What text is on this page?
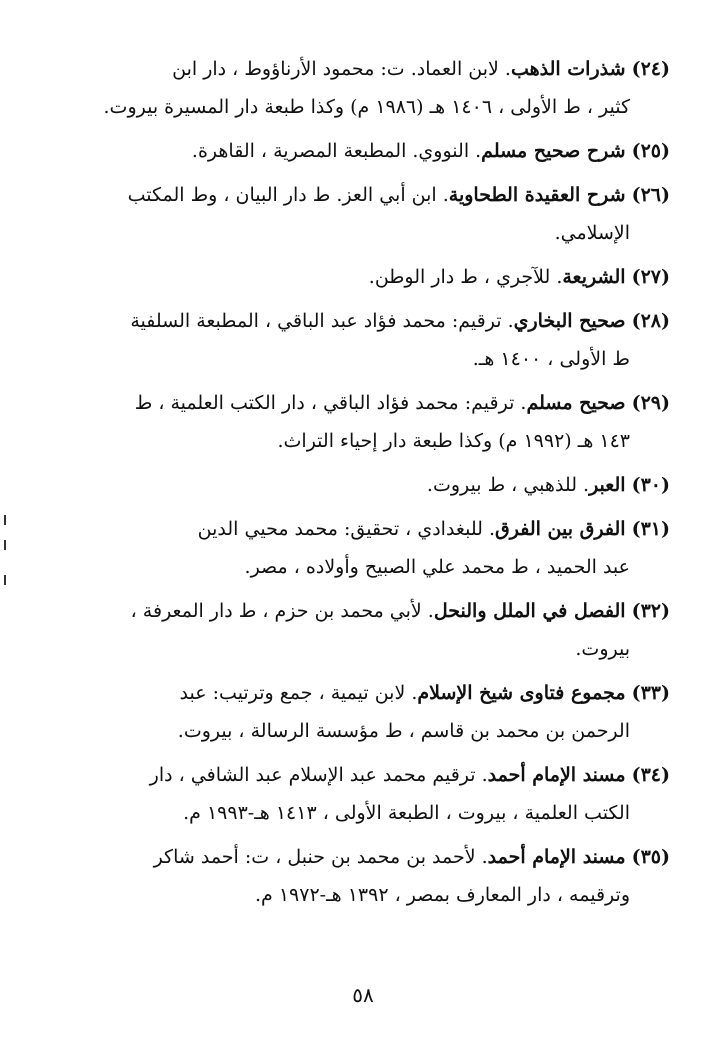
(٢٤) شذرات الذهب. لابن العماد. ت: محمود الأرناؤوط ، دار ابن
كثير ، ط الأولى ، ١٤٠٦ هـ (١٩٨٦ م) وكذا طبعة دار المسيرة بيروت.
(٢٥) شرح صحيح مسلم. النووي. المطبعة المصرية ، القاهرة.
(٢٦) شرح العقيدة الطحاوية. ابن أبي العز. ط دار البيان ، وط المكتب
الإسلامي.
(٢٧) الشريعة. للآجري ، ط دار الوطن.
(٢٨) صحيح البخاري. ترقيم: محمد فؤاد عبد الباقي ، المطبعة السلفية
ط الأولى ، ١٤٠٠ هـ.
(٢٩) صحيح مسلم. ترقيم: محمد فؤاد الباقي ، دار الكتب العلمية ، ط
١٤٣ هـ (١٩٩٢ م) وكذا طبعة دار إحياء التراث.
(٣٠) العبر. للذهبي ، ط بيروت.
(٣١) الفرق بين الفرق. للبغدادي ، تحقيق: محمد محيي الدين
عبد الحميد ، ط محمد علي الصبيح وأولاده ، مصر.
(٣٢) الفصل في الملل والنحل. لأبي محمد بن حزم ، ط دار المعرفة ،
بيروت.
(٣٣) مجموع فتاوى شيخ الإسلام. لابن تيمية ، جمع وترتيب: عبد
الرحمن بن محمد بن قاسم ، ط مؤسسة الرسالة ، بيروت.
(٣٤) مسند الإمام أحمد. ترقيم محمد عبد الإسلام عبد الشافي ، دار
الكتب العلمية ، بيروت ، الطبعة الأولى ، ١٤١٣ هـ-١٩٩٣ م.
(٣٥) مسند الإمام أحمد. لأحمد بن محمد بن حنبل ، ت: أحمد شاكر
وترقيمه ، دار المعارف بمصر ، ١٣٩٢ هـ-١٩٧٢ م.
٥٨
